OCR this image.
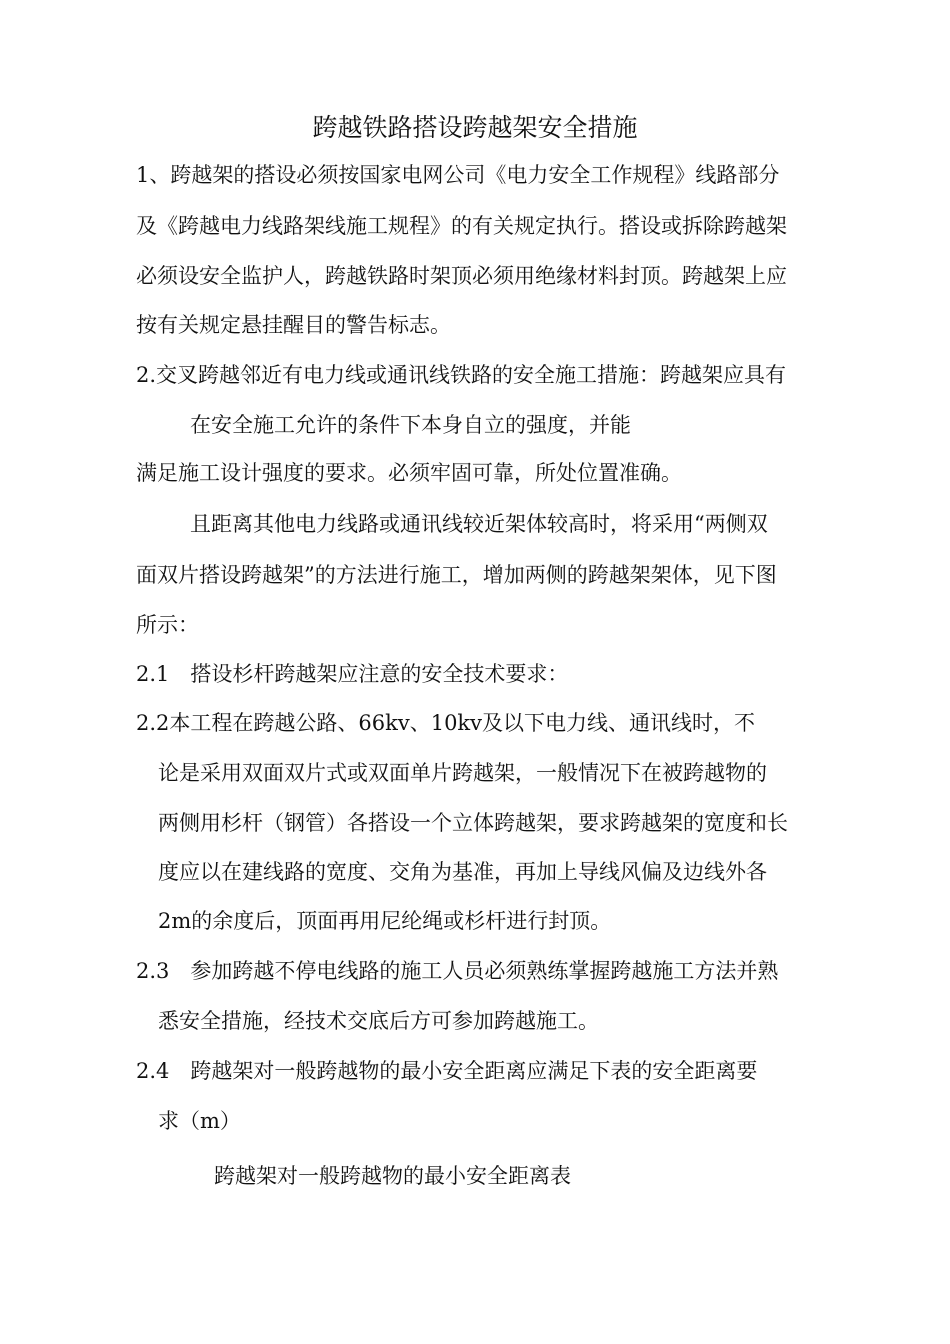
跨越铁路搭设跨越架安全措施
1、跨越架的搭设必须按国家电网公司《电力安全工作规程》线路部分
及《跨越电力线路架线施工规程》的有关规定执行。搭设或拆除跨越架
必须设安全监护人，跨越铁路时架顶必须用绝缘材料封顶。跨越架上应
按有关规定悬挂醒目的警告标志。
2.交叉跨越邻近有电力线或通讯线铁路的安全施工措施：跨越架应具有
在安全施工允许的条件下本身自立的强度，并能
满足施工设计强度的要求。必须牢固可靠，所处位置准确。
且距离其他电力线路或通讯线较近架体较高时，将采用“两侧双
面双片搭设跨越架”的方法进行施工，增加两侧的跨越架架体，见下图
所示：
2.1　搭设杉杆跨越架应注意的安全技术要求：
2.2本工程在跨越公路、66kv、10kv及以下电力线、通讯线时，不
论是采用双面双片式或双面单片跨越架，一般情况下在被跨越物的
两侧用杉杆（钢管）各搭设一个立体跨越架，要求跨越架的宽度和长
度应以在建线路的宽度、交角为基准，再加上导线风偏及边线外各
2m的余度后，顶面再用尼纶绳或杉杆进行封顶。
2.3　参加跨越不停电线路的施工人员必须熟练掌握跨越施工方法并熟
悉安全措施，经技术交底后方可参加跨越施工。
2.4　跨越架对一般跨越物的最小安全距离应满足下表的安全距离要
求（m）
跨越架对一般跨越物的最小安全距离表
